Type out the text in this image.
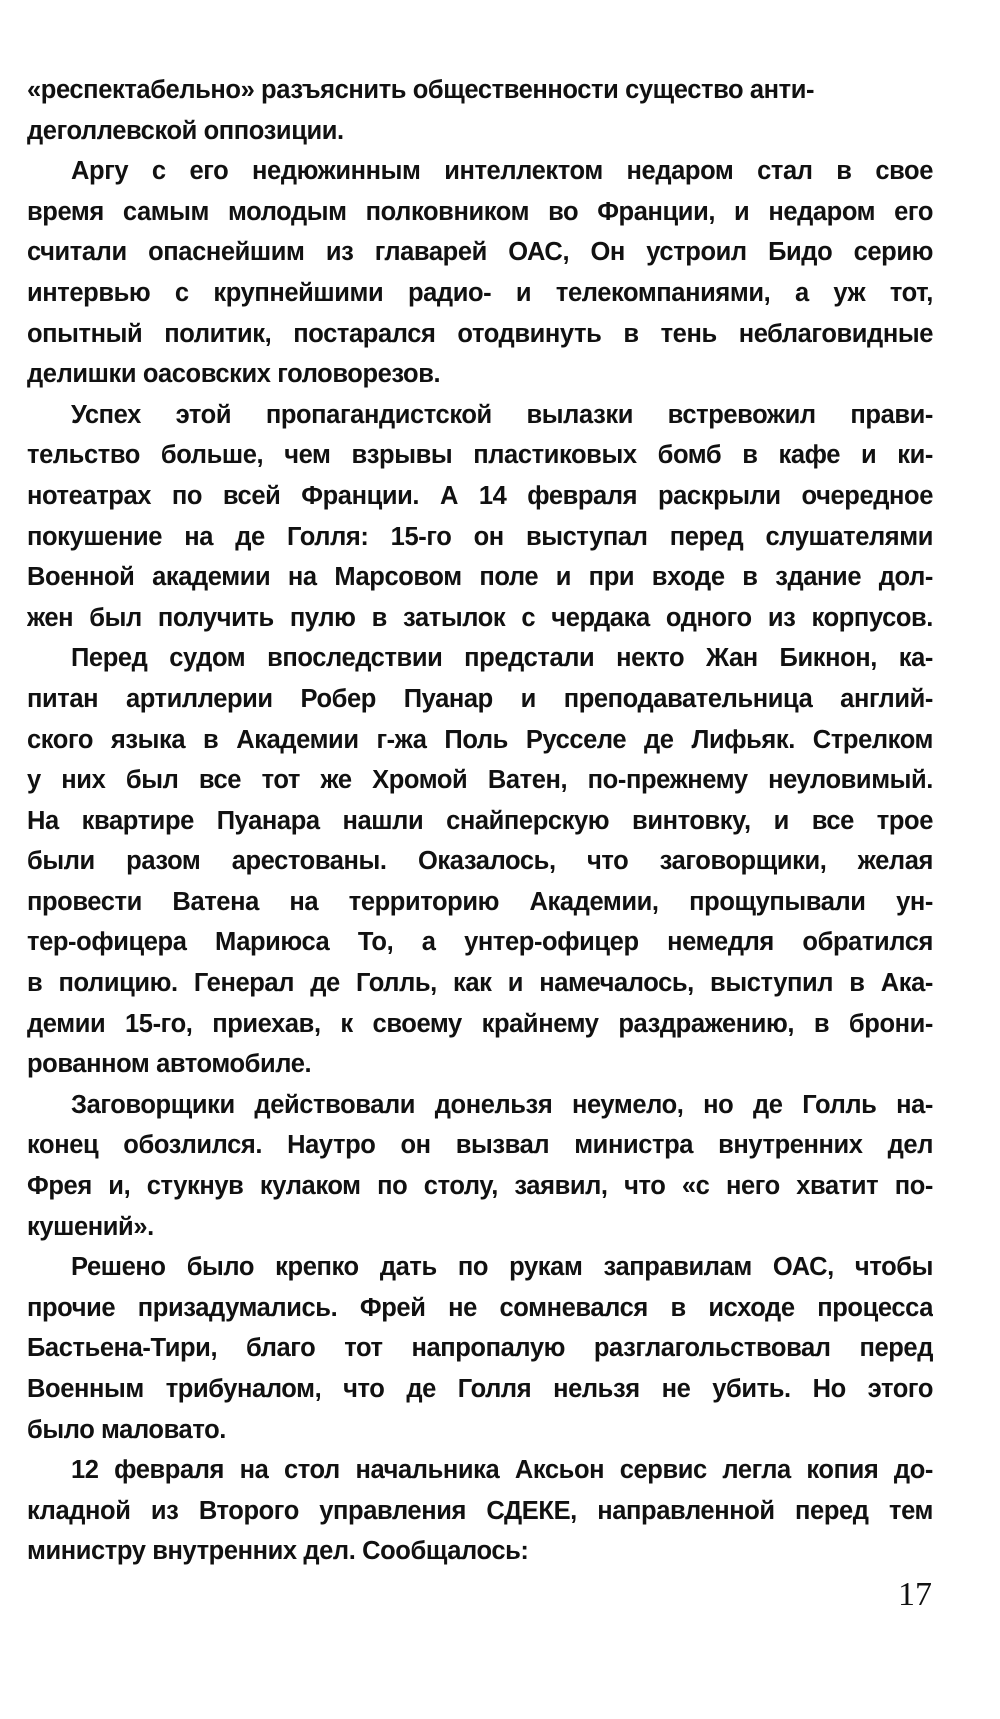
«респектабельно» разъяснить общественности существо анти-
деголлевской оппозиции.
Аргу с его недюжинным интеллектом недаром стал в свое
время самым молодым полковником во Франции, и недаром его
считали опаснейшим из главарей ОАС, Он устроил Бидо серию
интервью с крупнейшими радио- и телекомпаниями, а уж тот,
опытный политик, постарался отодвинуть в тень неблаговидные
делишки оасовских головорезов.
Успех этой пропагандистской вылазки встревожил прави-
тельство больше, чем взрывы пластиковых бомб в кафе и ки-
нотеатрах по всей Франции. А 14 февраля раскрыли очередное
покушение на де Голля: 15-го он выступал перед слушателями
Военной академии на Марсовом поле и при входе в здание дол-
жен был получить пулю в затылок с чердака одного из корпусов.
Перед судом впоследствии предстали некто Жан Бикнон, ка-
питан артиллерии Робер Пуанар и преподавательница англий-
ского языка в Академии г-жа Поль Русселе де Лифьяк. Стрелком
у них был все тот же Хромой Ватен, по-прежнему неуловимый.
На квартире Пуанара нашли снайперскую винтовку, и все трое
были разом арестованы. Оказалось, что заговорщики, желая
провести Ватена на территорию Академии, прощупывали ун-
тер-офицера Мариюса То, а унтер-офицер немедля обратился
в полицию. Генерал де Голль, как и намечалось, выступил в Ака-
демии 15-го, приехав, к своему крайнему раздражению, в брони-
рованном автомобиле.
Заговорщики действовали донельзя неумело, но де Голль на-
конец обозлился. Наутро он вызвал министра внутренних дел
Фрея и, стукнув кулаком по столу, заявил, что «с него хватит по-
кушений».
Решено было крепко дать по рукам заправилам ОАС, чтобы
прочие призадумались. Фрей не сомневался в исходе процесса
Бастьена-Тири, благо тот напропалую разглагольствовал перед
Военным трибуналом, что де Голля нельзя не убить. Но этого
было маловато.
12 февраля на стол начальника Аксьон сервис легла копия до-
кладной из Второго управления СДЕКЕ, направленной перед тем
министру внутренних дел. Сообщалось:
17
